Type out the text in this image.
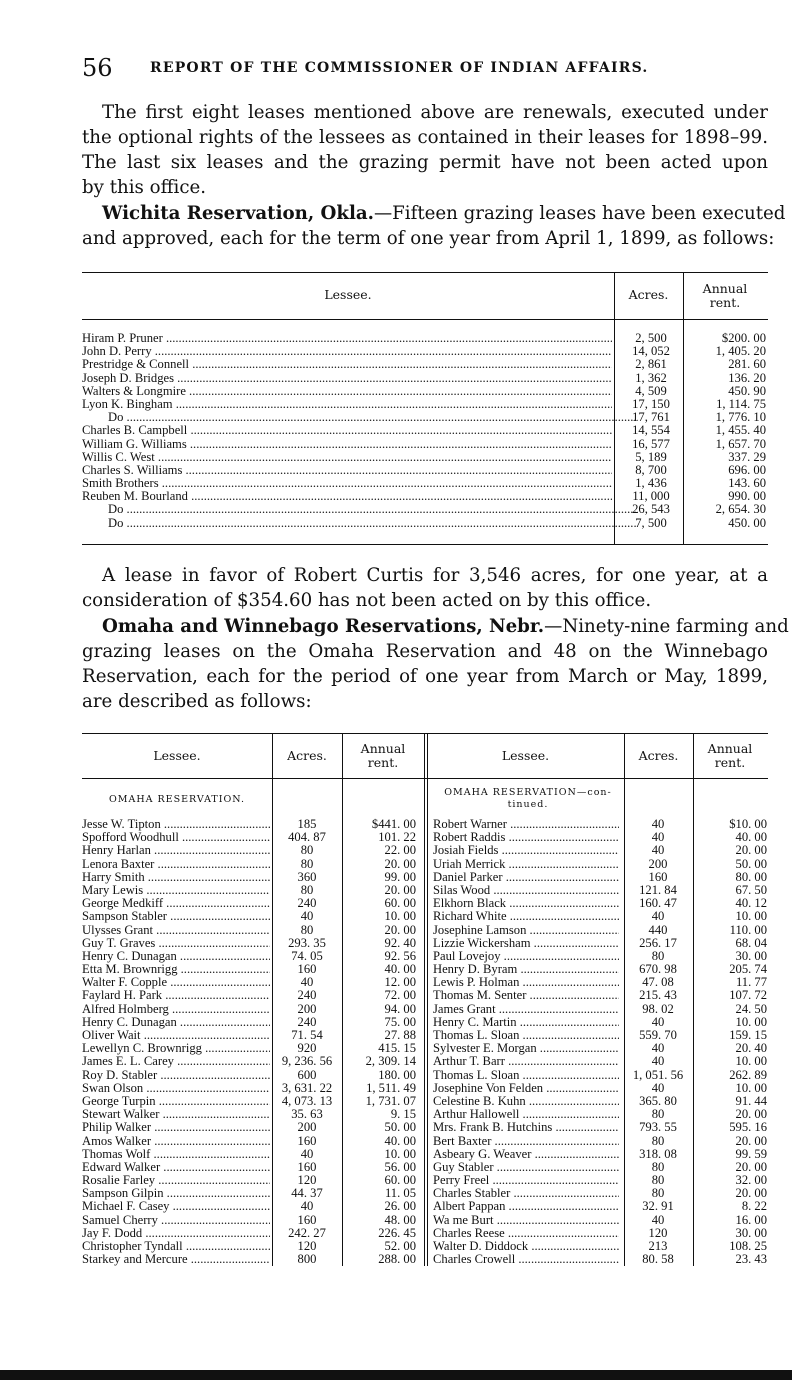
56	REPORT OF THE COMMISSIONER OF INDIAN AFFAIRS.
The first eight leases mentioned above are renewals, executed under
the optional rights of the lessees as contained in their leases for 1898–99.
The last six leases and the grazing permit have not been acted upon
by this office.
Wichita Reservation, Okla.—Fifteen grazing leases have been executed
and approved, each for the term of one year from April 1, 1899, as follows:
Lessee.	Acres.	Annual rent.
Hiram P. Pruner .....	2, 500	$200. 00
John D. Perry .....	14, 052	1, 405. 20
Prestridge & Connell .....	2, 861	281. 60
Joseph D. Bridges .....	1, 362	136. 20
Walters & Longmire .....	4, 509	450. 90
Lyon K. Bingham .....	17, 150	1, 114. 75
Do .....	17, 761	1, 776. 10
Charles B. Campbell .....	14, 554	1, 455. 40
William G. Williams .....	16, 577	1, 657. 70
Willis C. West .....	5, 189	337. 29
Charles S. Williams .....	8, 700	696. 00
Smith Brothers .....	1, 436	143. 60
Reuben M. Bourland .....	11, 000	990. 00
Do .....	26, 543	2, 654. 30
Do .....	7, 500	450. 00
A lease in favor of Robert Curtis for 3,546 acres, for one year, at a
consideration of $354.60 has not been acted on by this office.
Omaha and Winnebago Reservations, Nebr.—Ninety-nine farming and
grazing leases on the Omaha Reservation and 48 on the Winnebago
Reservation, each for the period of one year from March or May, 1899,
are described as follows:
Lessee.	Acres.	Annual rent.	Lessee.	Acres.	Annual rent.
OMAHA RESERVATION.
OMAHA RESERVATION—con- tinued.
Jesse W. Tipton .....	185	$441. 00
Spofford Woodhull .....	404. 87	101. 22
Henry Harlan .....	80	22. 00
Lenora Baxter .....	80	20. 00
Harry Smith .....	360	99. 00
Mary Lewis .....	80	20. 00
George Medkiff .....	240	60. 00
Sampson Stabler .....	40	10. 00
Ulysses Grant .....	80	20. 00
Guy T. Graves .....	293. 35	92. 40
Henry C. Dunagan .....	74. 05	92. 56
Etta M. Brownrigg .....	160	40. 00
Walter F. Copple .....	40	12. 00
Faylard H. Park .....	240	72. 00
Alfred Holmberg .....	200	94. 00
Henry C. Dunagan .....	240	75. 00
Oliver Wait .....	71. 54	27. 88
Lewellyn C. Brownrigg .....	920	415. 15
James E. L. Carey .....	9, 236. 56	2, 309. 14
Roy D. Stabler .....	600	180. 00
Swan Olson .....	3, 631. 22	1, 511. 49
George Turpin .....	4, 073. 13	1, 731. 07
Stewart Walker .....	35. 63	9. 15
Philip Walker .....	200	50. 00
Amos Walker .....	160	40. 00
Thomas Wolf .....	40	10. 00
Edward Walker .....	160	56. 00
Rosalie Farley .....	120	60. 00
Sampson Gilpin .....	44. 37	11. 05
Michael F. Casey .....	40	26. 00
Samuel Cherry .....	160	48. 00
Jay F. Dodd .....	242. 27	226. 45
Christopher Tyndall .....	120	52. 00
Starkey and Mercure .....	800	288. 00
Robert Warner .....	40	$10. 00
Robert Raddis .....	40	40. 00
Josiah Fields .....	40	20. 00
Uriah Merrick .....	200	50. 00
Daniel Parker .....	160	80. 00
Silas Wood .....	121. 84	67. 50
Elkhorn Black .....	160. 47	40. 12
Richard White .....	40	10. 00
Josephine Lamson .....	440	110. 00
Lizzie Wickersham .....	256. 17	68. 04
Paul Lovejoy .....	80	30. 00
Henry D. Byram .....	670. 98	205. 74
Lewis P. Holman .....	47. 08	11. 77
Thomas M. Senter .....	215. 43	107. 72
James Grant .....	98. 02	24. 50
Henry C. Martin .....	40	10. 00
Thomas L. Sloan .....	559. 70	159. 15
Sylvester E. Morgan .....	40	20. 40
Arthur T. Barr .....	40	10. 00
Thomas L. Sloan .....	1, 051. 56	262. 89
Josephine Von Felden .....	40	10. 00
Celestine B. Kuhn .....	365. 80	91. 44
Arthur Hallowell .....	80	20. 00
Mrs. Frank B. Hutchins .....	793. 55	595. 16
Bert Baxter .....	80	20. 00
Asbeary G. Weaver .....	318. 08	99. 59
Guy Stabler .....	80	20. 00
Perry Freel .....	80	32. 00
Charles Stabler .....	80	20. 00
Albert Pappan .....	32. 91	8. 22
Wa me Burt .....	40	16. 00
Charles Reese .....	120	30. 00
Walter D. Diddock .....	213	108. 25
Charles Crowell .....	80. 58	23. 43
